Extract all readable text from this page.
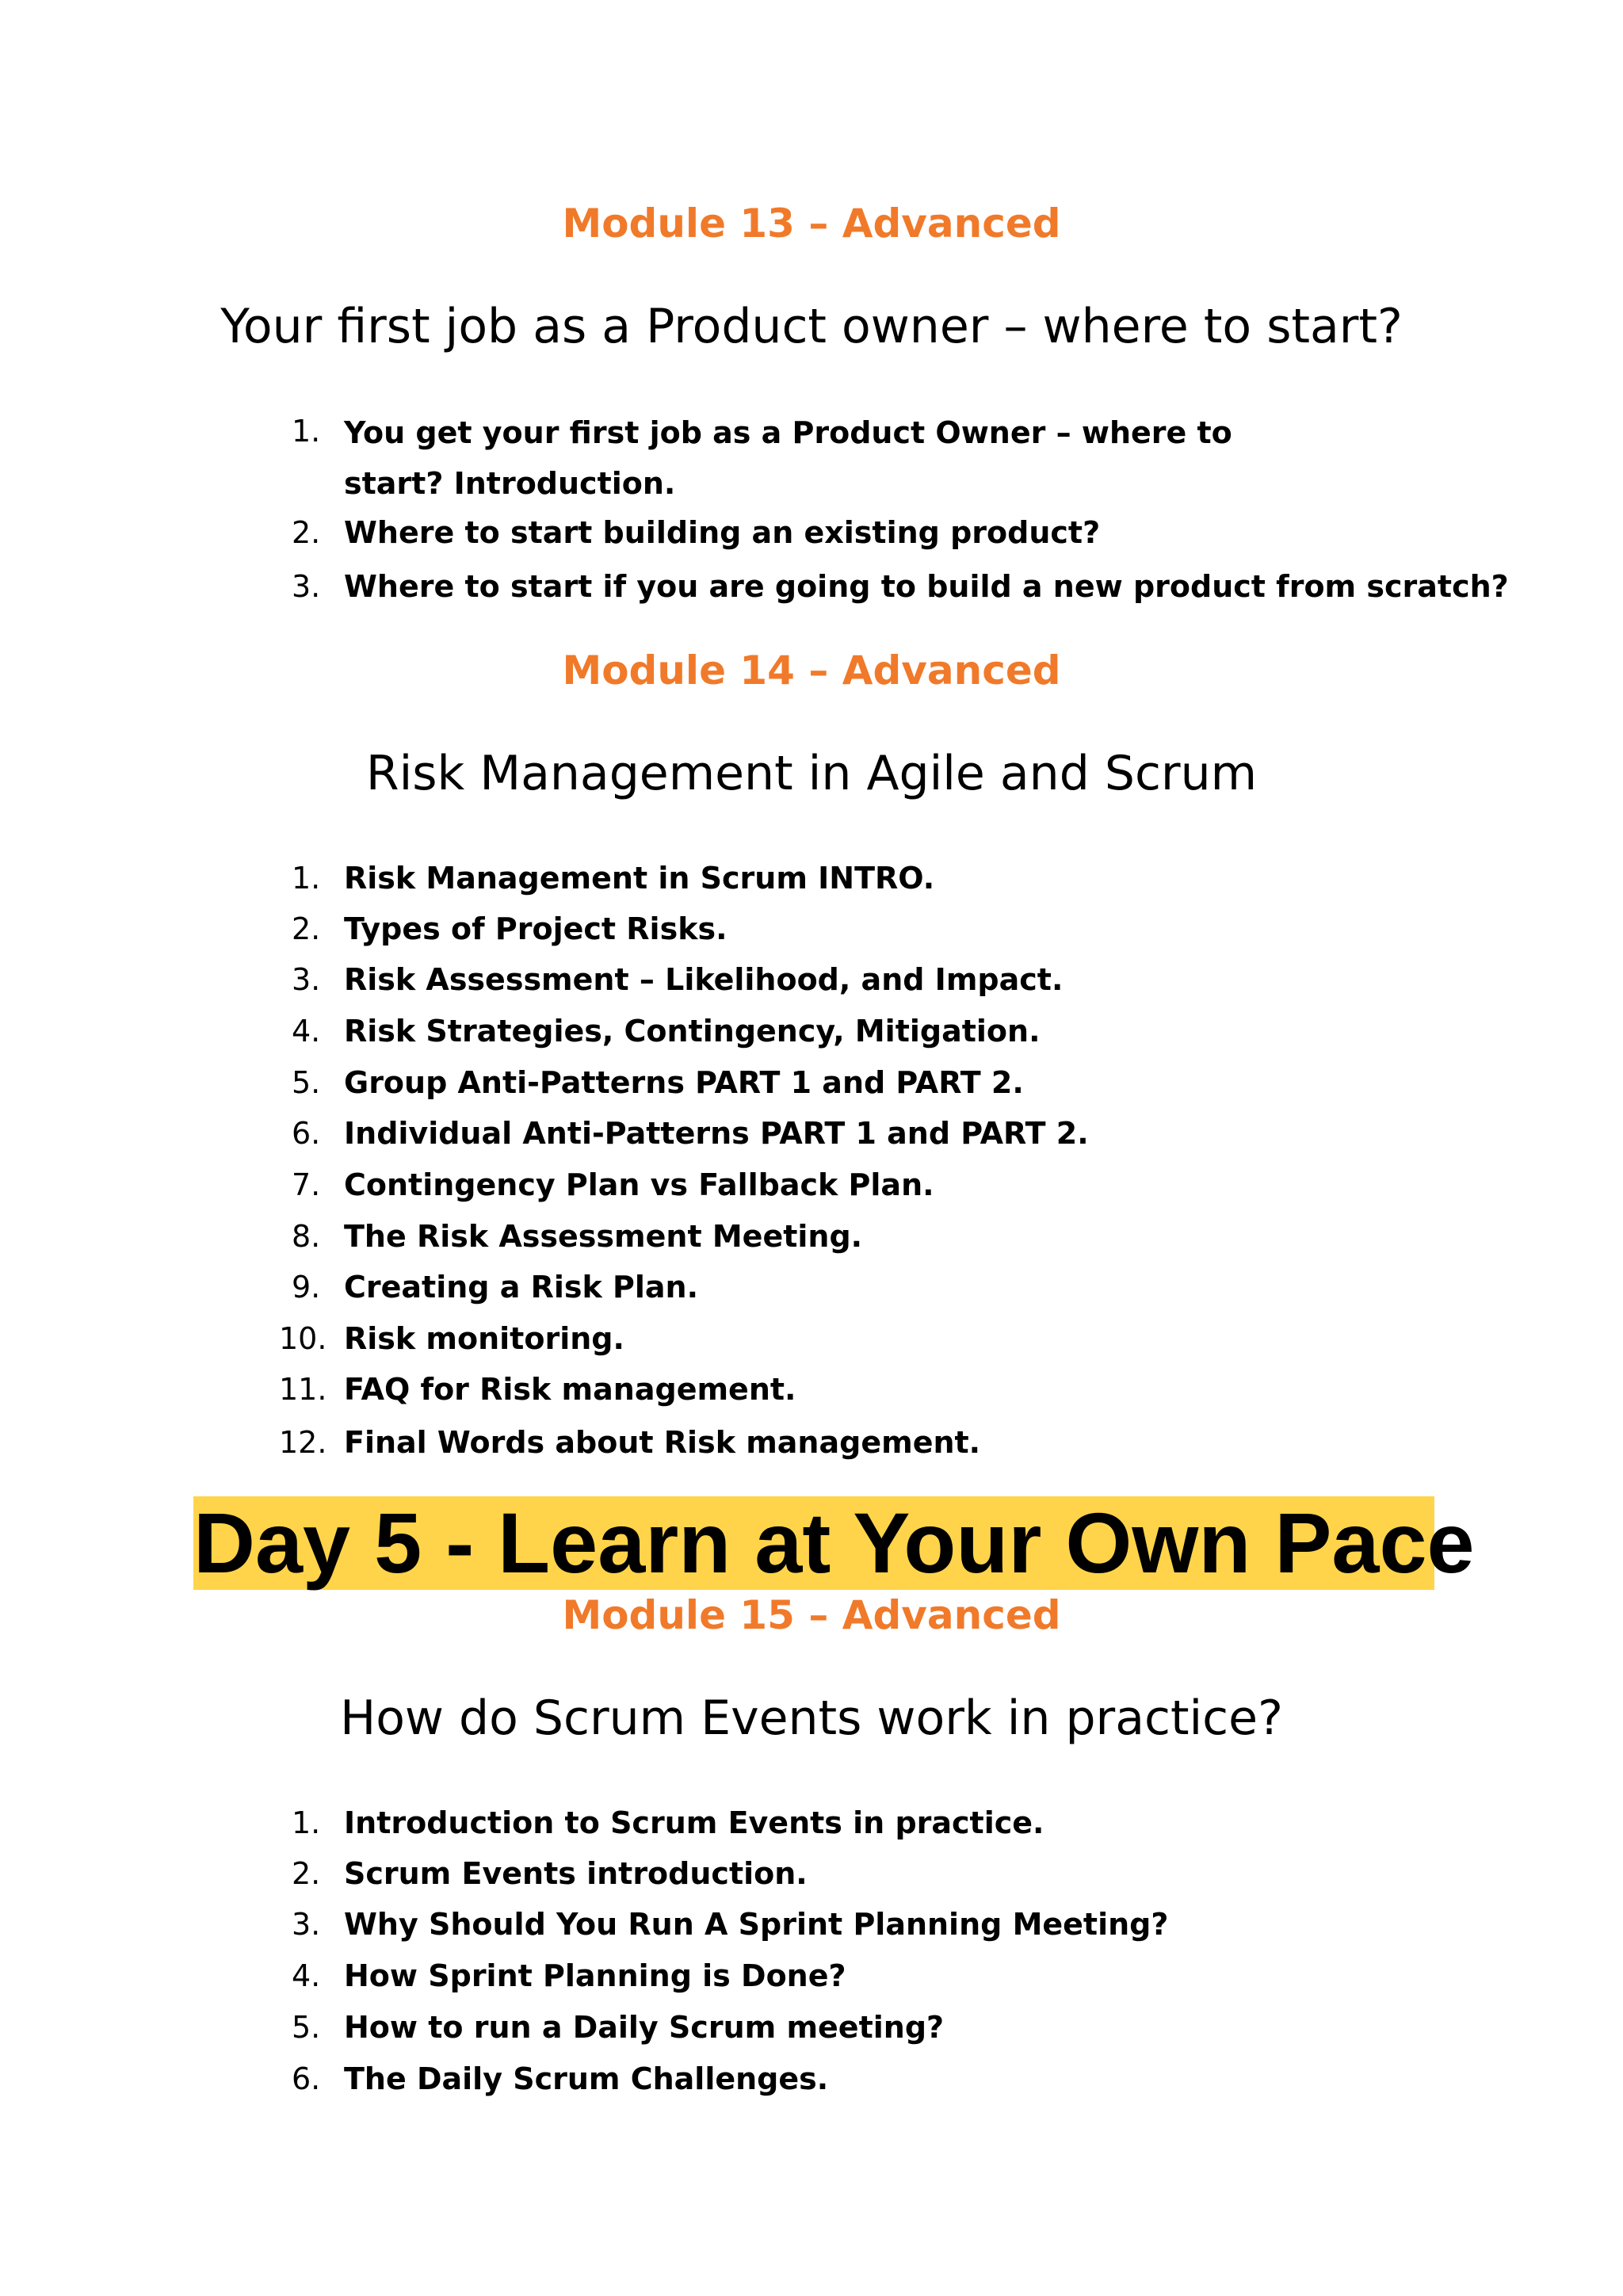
Module 13 – Advanced
Your first job as a Product owner – where to start?
1. You get your first job as a Product Owner – where to start? Introduction.
2. Where to start building an existing product?
3. Where to start if you are going to build a new product from scratch?
Module 14 – Advanced
Risk Management in Agile and Scrum
1. Risk Management in Scrum INTRO.
2. Types of Project Risks.
3. Risk Assessment – Likelihood, and Impact.
4. Risk Strategies, Contingency, Mitigation.
5. Group Anti-Patterns PART 1 and PART 2.
6. Individual Anti-Patterns PART 1 and PART 2.
7. Contingency Plan vs Fallback Plan.
8. The Risk Assessment Meeting.
9. Creating a Risk Plan.
10. Risk monitoring.
11. FAQ for Risk management.
12. Final Words about Risk management.
Day 5 - Learn at Your Own Pace
Module 15 – Advanced
How do Scrum Events work in practice?
1. Introduction to Scrum Events in practice.
2. Scrum Events introduction.
3. Why Should You Run A Sprint Planning Meeting?
4. How Sprint Planning is Done?
5. How to run a Daily Scrum meeting?
6. The Daily Scrum Challenges.
